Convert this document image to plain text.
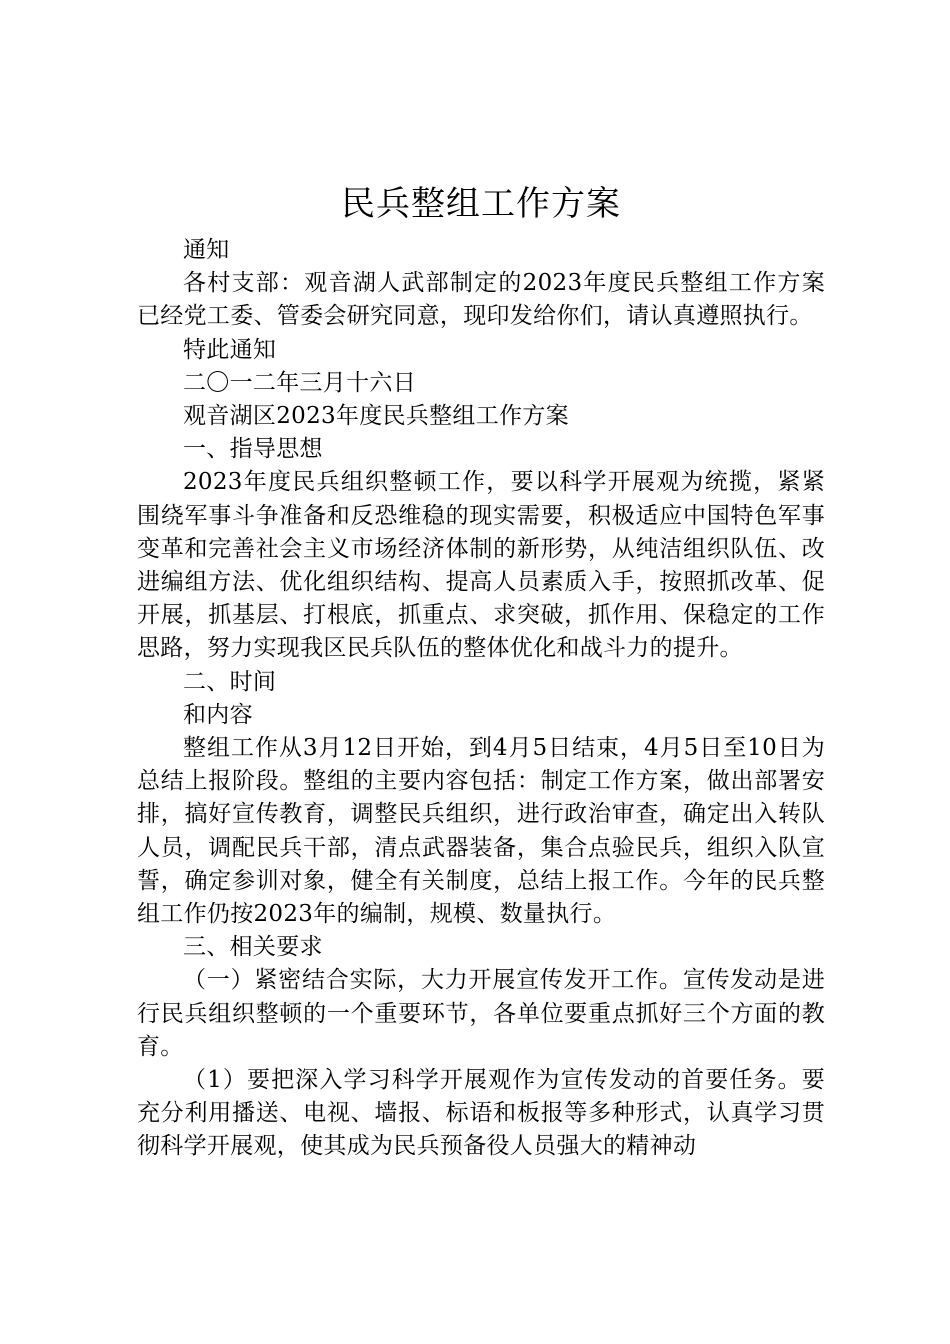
民兵整组工作方案

通知

各村支部：观音湖人武部制定的2023年度民兵整组工作方案已经党工委、管委会研究同意，现印发给你们，请认真遵照执行。

特此通知

二〇一二年三月十六日

观音湖区2023年度民兵整组工作方案

一、指导思想

2023年度民兵组织整顿工作，要以科学开展观为统揽，紧紧围绕军事斗争准备和反恐维稳的现实需要，积极适应中国特色军事变革和完善社会主义市场经济体制的新形势，从纯洁组织队伍、改进编组方法、优化组织结构、提高人员素质入手，按照抓改革、促开展，抓基层、打根底，抓重点、求突破，抓作用、保稳定的工作思路，努力实现我区民兵队伍的整体优化和战斗力的提升。

二、时间

和内容

整组工作从3月12日开始，到4月5日结束，4月5日至10日为总结上报阶段。整组的主要内容包括：制定工作方案，做出部署安排，搞好宣传教育，调整民兵组织，进行政治审查，确定出入转队人员，调配民兵干部，清点武器装备，集合点验民兵，组织入队宣誓，确定参训对象，健全有关制度，总结上报工作。今年的民兵整组工作仍按2023年的编制，规模、数量执行。

三、相关要求

（一）紧密结合实际，大力开展宣传发开工作。宣传发动是进行民兵组织整顿的一个重要环节，各单位要重点抓好三个方面的教育。

（1）要把深入学习科学开展观作为宣传发动的首要任务。要充分利用播送、电视、墙报、标语和板报等多种形式，认真学习贯彻科学开展观，使其成为民兵预备役人员强大的精神动
